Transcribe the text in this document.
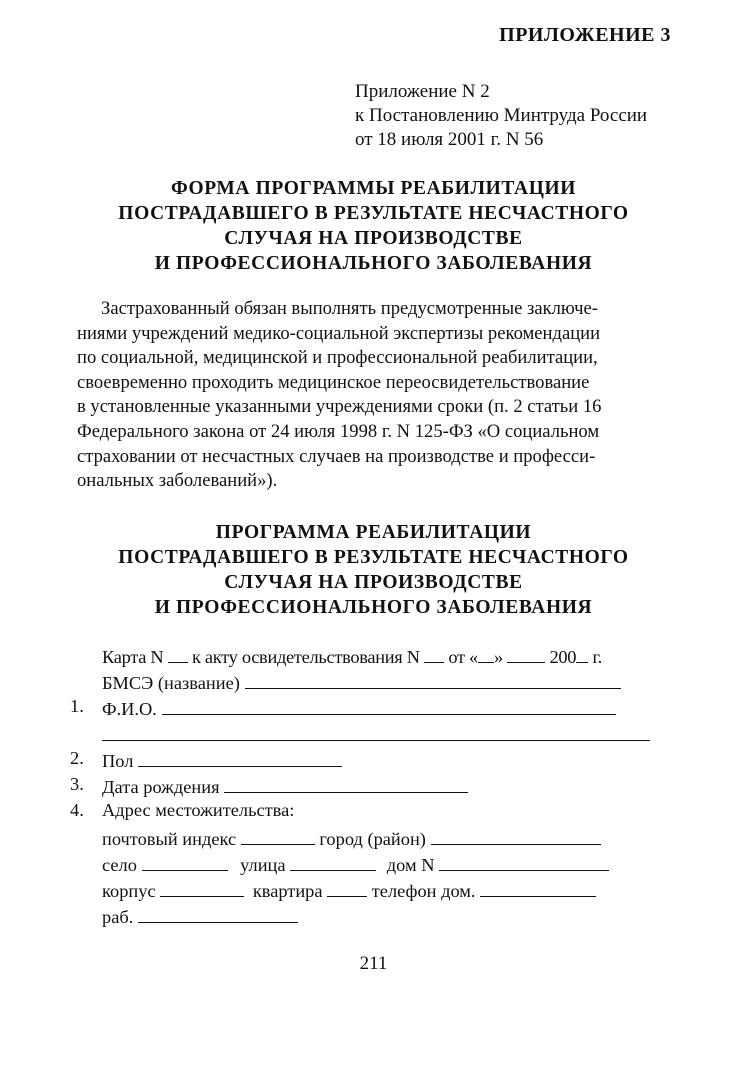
ПРИЛОЖЕНИЕ 3
Приложение N 2
к Постановлению Минтруда России
от 18 июля 2001 г. N 56
ФОРМА ПРОГРАММЫ РЕАБИЛИТАЦИИ
ПОСТРАДАВШЕГО В РЕЗУЛЬТАТЕ НЕСЧАСТНОГО
СЛУЧАЯ НА ПРОИЗВОДСТВЕ
И ПРОФЕССИОНАЛЬНОГО ЗАБОЛЕВАНИЯ
Застрахованный обязан выполнять предусмотренные заключе-
ниями учреждений медико-социальной экспертизы рекомендации
по социальной, медицинской и профессиональной реабилитации,
своевременно проходить медицинское переосвидетельствование
в установленные указанными учреждениями сроки (п. 2 статьи 16
Федерального закона от 24 июля 1998 г. N 125-ФЗ «О социальном
страховании от несчастных случаев на производстве и професси-
ональных заболеваний»).
ПРОГРАММА РЕАБИЛИТАЦИИ
ПОСТРАДАВШЕГО В РЕЗУЛЬТАТЕ НЕСЧАСТНОГО
СЛУЧАЯ НА ПРОИЗВОДСТВЕ
И ПРОФЕССИОНАЛЬНОГО ЗАБОЛЕВАНИЯ
Карта N к акту освидетельствования N от « »	200 г.
БМСЭ (название)
1. Ф.И.О.
2. Пол
3. Дата рождения
4. Адрес местожительства:
почтовый индекс	город (район)
село	улица	дом N
корпус	квартира	телефон дом.
раб.
211
